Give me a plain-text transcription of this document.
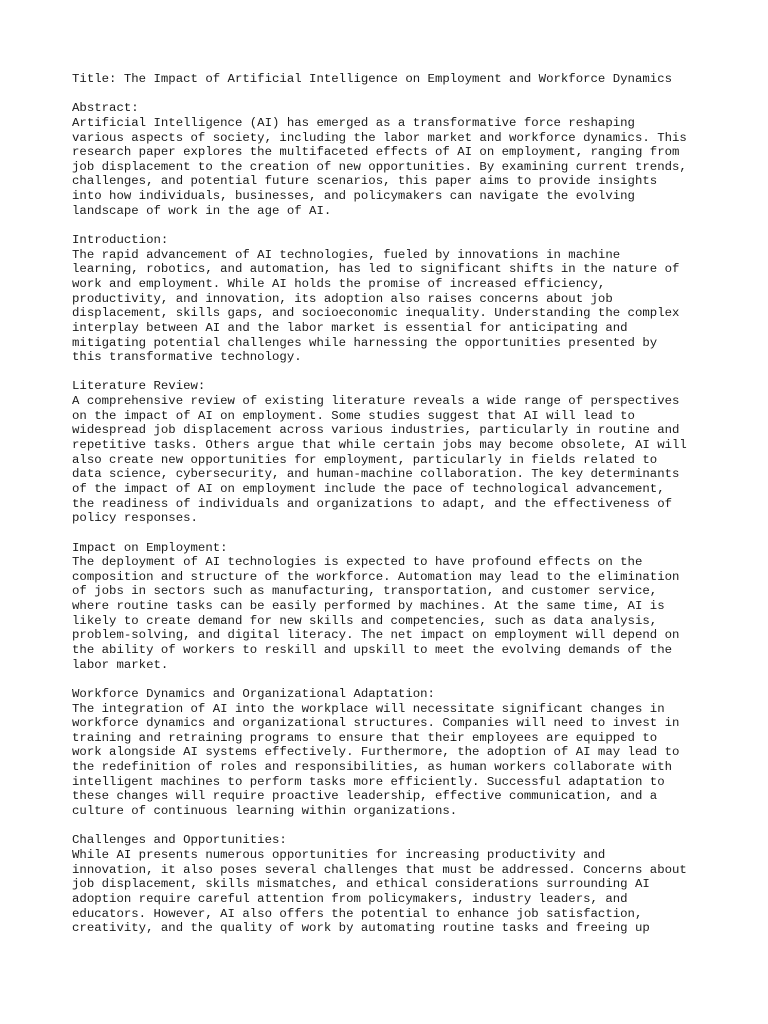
Title: The Impact of Artificial Intelligence on Employment and Workforce Dynamics
Abstract:
Artificial Intelligence (AI) has emerged as a transformative force reshaping
various aspects of society, including the labor market and workforce dynamics. This
research paper explores the multifaceted effects of AI on employment, ranging from
job displacement to the creation of new opportunities. By examining current trends,
challenges, and potential future scenarios, this paper aims to provide insights
into how individuals, businesses, and policymakers can navigate the evolving
landscape of work in the age of AI.
Introduction:
The rapid advancement of AI technologies, fueled by innovations in machine
learning, robotics, and automation, has led to significant shifts in the nature of
work and employment. While AI holds the promise of increased efficiency,
productivity, and innovation, its adoption also raises concerns about job
displacement, skills gaps, and socioeconomic inequality. Understanding the complex
interplay between AI and the labor market is essential for anticipating and
mitigating potential challenges while harnessing the opportunities presented by
this transformative technology.
Literature Review:
A comprehensive review of existing literature reveals a wide range of perspectives
on the impact of AI on employment. Some studies suggest that AI will lead to
widespread job displacement across various industries, particularly in routine and
repetitive tasks. Others argue that while certain jobs may become obsolete, AI will
also create new opportunities for employment, particularly in fields related to
data science, cybersecurity, and human-machine collaboration. The key determinants
of the impact of AI on employment include the pace of technological advancement,
the readiness of individuals and organizations to adapt, and the effectiveness of
policy responses.
Impact on Employment:
The deployment of AI technologies is expected to have profound effects on the
composition and structure of the workforce. Automation may lead to the elimination
of jobs in sectors such as manufacturing, transportation, and customer service,
where routine tasks can be easily performed by machines. At the same time, AI is
likely to create demand for new skills and competencies, such as data analysis,
problem-solving, and digital literacy. The net impact on employment will depend on
the ability of workers to reskill and upskill to meet the evolving demands of the
labor market.
Workforce Dynamics and Organizational Adaptation:
The integration of AI into the workplace will necessitate significant changes in
workforce dynamics and organizational structures. Companies will need to invest in
training and retraining programs to ensure that their employees are equipped to
work alongside AI systems effectively. Furthermore, the adoption of AI may lead to
the redefinition of roles and responsibilities, as human workers collaborate with
intelligent machines to perform tasks more efficiently. Successful adaptation to
these changes will require proactive leadership, effective communication, and a
culture of continuous learning within organizations.
Challenges and Opportunities:
While AI presents numerous opportunities for increasing productivity and
innovation, it also poses several challenges that must be addressed. Concerns about
job displacement, skills mismatches, and ethical considerations surrounding AI
adoption require careful attention from policymakers, industry leaders, and
educators. However, AI also offers the potential to enhance job satisfaction,
creativity, and the quality of work by automating routine tasks and freeing up
